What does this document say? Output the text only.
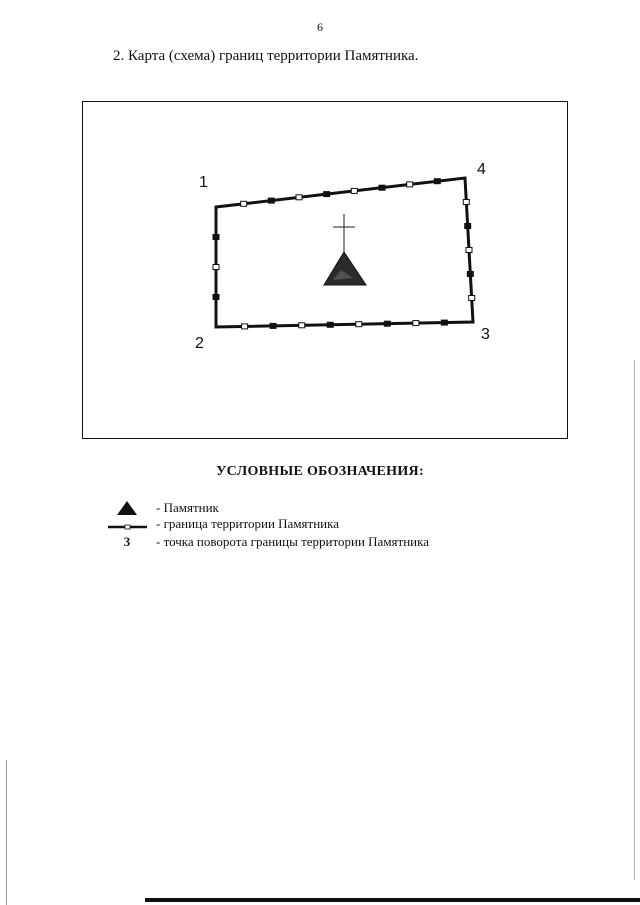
6
2. Карта (схема) границ территории Памятника.
1
2
3
4
УСЛОВНЫЕ ОБОЗНАЧЕНИЯ:
- Памятник
- граница территории Памятника
3	- точка поворота границы территории Памятника
